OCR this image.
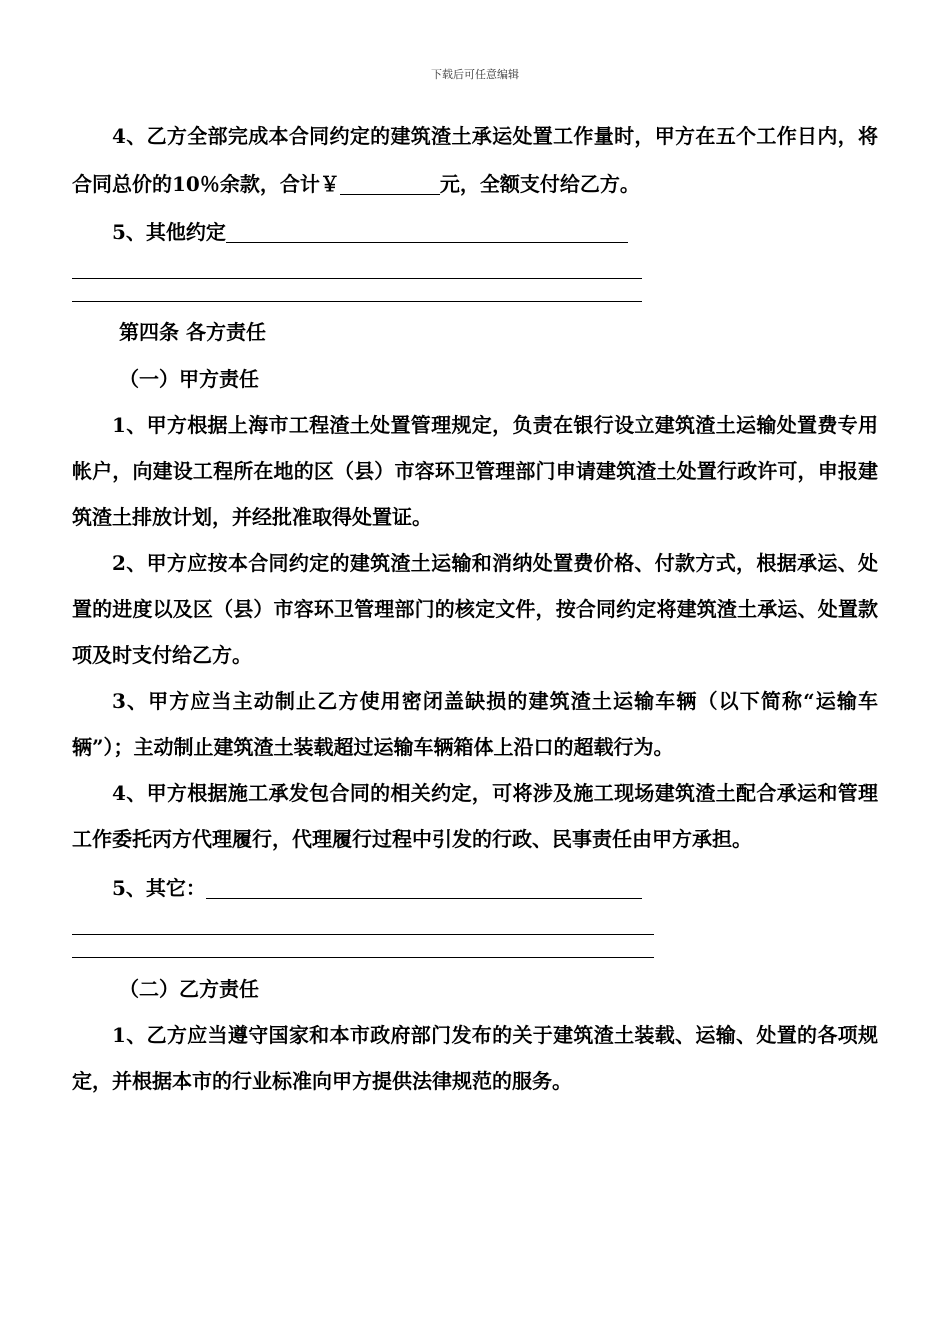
下载后可任意编辑

4、乙方全部完成本合同约定的建筑渣土承运处置工作量时，甲方在五个工作日内，将合同总价的10％余款，合计￥	元，全额支付给乙方。

5、其他约定

第四条 各方责任

（一）甲方责任

1、甲方根据上海市工程渣土处置管理规定，负责在银行设立建筑渣土运输处置费专用帐户，向建设工程所在地的区（县）市容环卫管理部门申请建筑渣土处置行政许可，申报建筑渣土排放计划，并经批准取得处置证。

2、甲方应按本合同约定的建筑渣土运输和消纳处置费价格、付款方式，根据承运、处置的进度以及区（县）市容环卫管理部门的核定文件，按合同约定将建筑渣土承运、处置款项及时支付给乙方。

3、甲方应当主动制止乙方使用密闭盖缺损的建筑渣土运输车辆（以下简称“运输车辆”）；主动制止建筑渣土装载超过运输车辆箱体上沿口的超载行为。

4、甲方根据施工承发包合同的相关约定，可将涉及施工现场建筑渣土配合承运和管理工作委托丙方代理履行，代理履行过程中引发的行政、民事责任由甲方承担。

5、其它：

（二）乙方责任

1、乙方应当遵守国家和本市政府部门发布的关于建筑渣土装载、运输、处置的各项规定，并根据本市的行业标准向甲方提供法律规范的服务。
